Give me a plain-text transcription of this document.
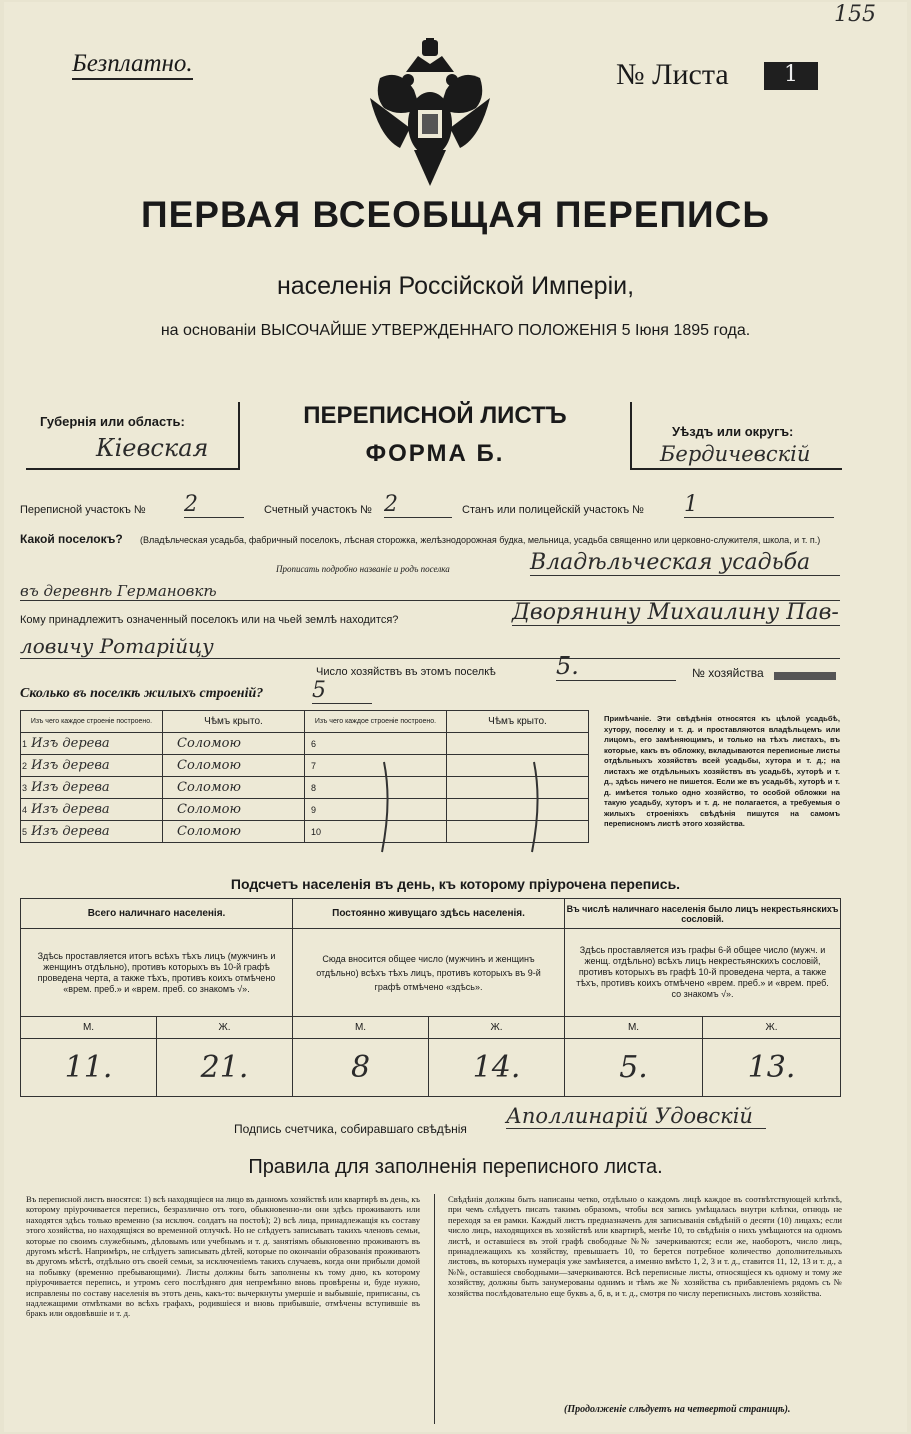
155
Безплатно.	№ Листа	1
ПЕРВАЯ ВСЕОБЩАЯ ПЕРЕПИСЬ
населенія Россійской Имперіи,
на основаніи ВЫСОЧАЙШЕ УТВЕРЖДЕННАГО ПОЛОЖЕНІЯ 5 Іюня 1895 года.
Губернія или область:
Кіевская
ПЕРЕПИСНОЙ ЛИСТЪ
ФОРМА Б.
Уѣздъ или округъ:
Бердичевскій
Переписной участокъ № 2	Счетный участокъ № 2	Станъ или полицейскій участокъ № 1
Какой поселокъ? (Владѣльческая усадьба, фабричный поселокъ, лѣсная сторожка, желѣзнодорожная будка, мельница, усадьба священно или церковно-служителя, школа, и т. п.)
Прописать подробно названіе и родъ поселка	Владѣльческая усадьба
въ деревнѣ Германовкѣ
Кому принадлежитъ означенный поселокъ или на чьей землѣ находится?	Дворянину Михаилину Пав-
ловичу Ротарійцу
Число хозяйствъ въ этомъ поселкѣ	5.	№ хозяйства
Сколько въ поселкѣ жилыхъ строеній? 5
Изъ чего каждое строеніе построено.	Чѣмъ крыто.	Изъ чего каждое строеніе построено.	Чѣмъ крыто.
1 Изъ дерева	Соломою	6	
2 Изъ дерева	Соломою	7	
3 Изъ дерева	Соломою	8	
4 Изъ дерева	Соломою	9	
5 Изъ дерева	Соломою	10	
Примѣчаніе. Эти свѣдѣнія относятся къ цѣлой усадьбѣ, хутору, поселку и т. д. и проставляются владѣльцемъ или лицомъ, его замѣняющимъ, и только на тѣхъ листахъ, въ которые, какъ въ обложку, вкладываются переписные листы отдѣльныхъ хозяйствъ всей усадьбы, хутора и т. д.; на листахъ же отдѣльныхъ хозяйствъ въ усадьбѣ, хуторѣ и т. д., здѣсь ничего не пишется. Если же въ усадьбѣ, хуторѣ и т. д. имѣется только одно хозяйство, то особой обложки на такую усадьбу, хуторъ и т. д. не полагается, а требуемыя о жилыхъ строеніяхъ свѣдѣнія пишутся на самомъ переписномъ листѣ этого хозяйства.
Подсчетъ населенія въ день, къ которому пріурочена перепись.
Всего наличнаго населенія.		Постоянно живущаго здѣсь населенія.		Въ числѣ наличнаго населенія было лицъ некрестьянскихъ сословій.	
Здѣсь проставляется итогъ всѣхъ тѣхъ лицъ (мужчинъ и женщинъ отдѣльно), противъ которыхъ въ 10-й графѣ проведена черта, а также тѣхъ, противъ коихъ отмѣчено «врем. преб.» и «врем. преб. со знакомъ √».		Сюда вносится общее число (мужчинъ и женщинъ отдѣльно) всѣхъ тѣхъ лицъ, противъ которыхъ въ 9-й графѣ отмѣчено «здѣсь».		Здѣсь проставляется изъ графы 6-й общее число (мужч. и женщ. отдѣльно) всѣхъ лицъ некрестьянскихъ сословій, противъ которыхъ въ графѣ 10-й проведена черта, а также тѣхъ, противъ коихъ отмѣчено «врем. преб.» и «врем. преб. со знакомъ √».	
М.	Ж.	М.	Ж.	М.	Ж.
11.	21.	8	14.	5.	13.
Подпись счетчика, собиравшаго свѣдѣнія
Аполлинарій Удовскій
Правила для заполненія переписного листа.
Въ переписной листъ вносятся: 1) всѣ находящіеся на лицо въ данномъ хозяйствѣ или квартирѣ въ день, къ которому пріурочивается перепись, безразлично отъ того, обыкновенно-ли они здѣсь проживаютъ или находятся здѣсь только временно (за исключ. солдатъ на постоѣ); 2) всѣ лица, принадлежащія къ составу этого хозяйства, но находящіяся во временной отлучкѣ. Но не слѣдуетъ записывать такихъ членовъ семьи, которые по своимъ служебнымъ, дѣловымъ или учебнымъ и т. д. занятіямъ обыкновенно проживаютъ въ другомъ мѣстѣ. Напримѣръ, не слѣдуетъ записывать дѣтей, которые по окончаніи образованія проживаютъ въ другомъ мѣстѣ, отдѣльно отъ своей семьи, за исключеніемъ такихъ случаевъ, когда они прибыли домой на побывку (временно пребывающими). Листы должны быть заполнены къ тому дню, къ которому пріурочивается перепись, и утромъ сего послѣдняго дня непремѣнно вновь провѣрены и, буде нужно, исправлены по составу населенія въ этотъ день, какъ-то: вычеркнуты умершіе и выбывшіе, приписаны, съ надлежащими отмѣтками во всѣхъ графахъ, родившіеся и вновь прибывшіе, отмѣчены вступившіе въ бракъ или овдовѣвшіе и т. д.
Свѣдѣнія должны быть написаны четко, отдѣльно о каждомъ лицѣ каждое въ соотвѣтствующей клѣткѣ, при чемъ слѣдуетъ писать такимъ образомъ, чтобы вся запись умѣщалась внутри клѣтки, отнюдь не переходя за ея рамки. Каждый листъ предназначенъ для записыванія свѣдѣній о десяти (10) лицахъ; если число лицъ, находящихся въ хозяйствѣ или квартирѣ, менѣе 10, то свѣдѣнія о нихъ умѣщаются на одномъ листѣ, и оставшіеся въ этой графѣ свободные №№ зачеркиваются; если же, наоборотъ, число лицъ, принадлежащихъ къ хозяйству, превышаетъ 10, то берется потребное количество дополнительныхъ листовъ, въ которыхъ нумерація уже замѣняется, а именно вмѣсто 1, 2, 3 и т. д., ставится 11, 12, 13 и т. д., а №№, оставшіеся свободными—зачеркиваются. Всѣ переписные листы, относящіеся къ одному и тому же хозяйству, должны быть занумерованы однимъ и тѣмъ же № хозяйства съ прибавленіемъ рядомъ съ № хозяйства послѣдовательно еще буквъ а, б, в, и т. д., смотря по числу переписныхъ листовъ хозяйства.
(Продолженіе слѣдуетъ на четвертой страницѣ).
